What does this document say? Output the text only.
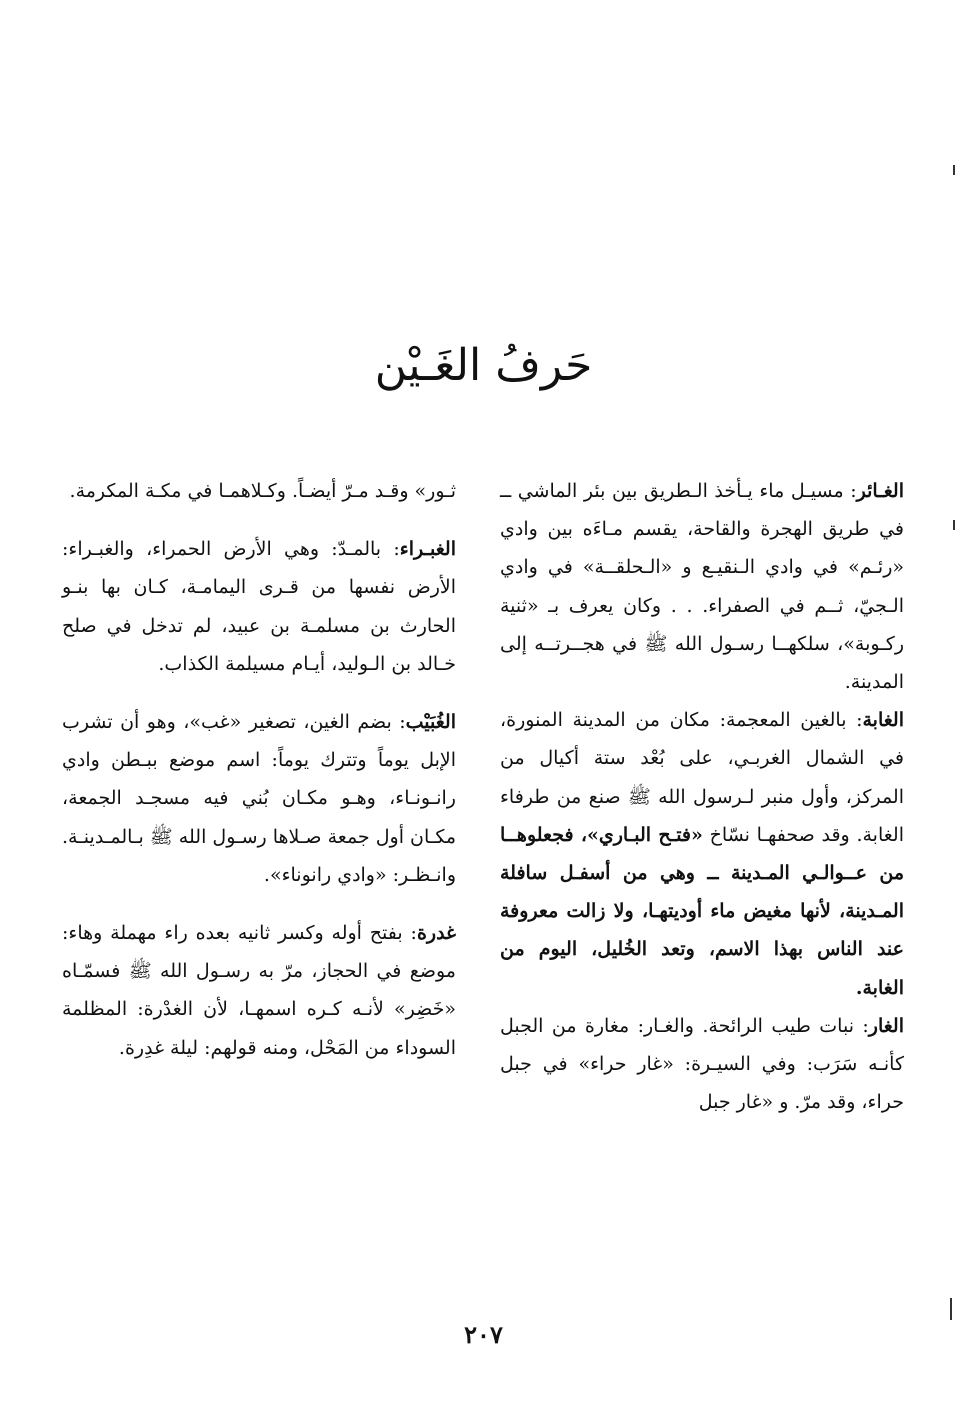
حَرفُ الغَـيْن

الغـائر: مسيـل ماء يـأخذ الـطريق بين بئر الماشي ــ في طريق الهجرة والقاحة، يقسم مـاءَه بين وادي «رئـم» في وادي الـنقيـع و «الـحلقــة» في وادي الـجيّ، ثــم في الصفراء. . . وكان يعرف بـ «ثنية ركـوبة»، سلكهــا رسـول الله ﷺ في هجــرتــه إلى المدينة.

الغابة: بالغين المعجمة: مكان من المدينة المنورة، في الشمال الغربـي، على بُعْد ستة أكيال من المركز، وأول منبر لـرسول الله ﷺ صنع من طرفاء الغابة. وقد صحفهـا نسّاخ «فتـح البـاري»، فجعلوهــا من عــوالـي المـدينة ــ وهي من أسفـل سافلة المـدينة، لأنها مغيض ماء أوديتهـا، ولا زالت معروفة عند الناس بهذا الاسم، وتعد الخُليل، اليوم من الغابة.

الغار: نبات طيب الرائحة. والغـار: مغارة من الجبل كأنـه سَرَب: وفي السيـرة: «غار حراء» في جبل حراء، وقد مرّ. و «غار جبل

ثـور» وقـد مـرّ أيضـاً. وكـلاهمـا في مكـة المكرمة.

الغبـراء: بالمـدّ: وهي الأرض الحمراء، والغبـراء: الأرض نفسها من قـرى اليمامـة، كـان بها بنـو الحارث بن مسلمـة بن عبيد، لم تدخل في صلح خـالد بن الـوليد، أيـام مسيلمة الكذاب.

الغُبَيْب: بضم الغين، تصغير «غب»، وهو أن تشرب الإبل يوماً وتترك يوماً: اسم موضع ببـطن وادي رانـونـاء، وهـو مكـان بُني فيه مسجـد الجمعة، مكـان أول جمعة صـلاها رسـول الله ﷺ بـالمـدينـة. وانـظـر: «وادي رانوناء».

غدرة: بفتح أوله وكسر ثانيه بعده راء مهملة وهاء: موضع في الحجاز، مرّ به رسـول الله ﷺ فسمّـاه «خَضِر» لأنـه كـره اسمهـا، لأن الغدْرة: المظلمة السوداء من المَحْل، ومنه قولهم: ليلة غدِرة.

٢٠٧
